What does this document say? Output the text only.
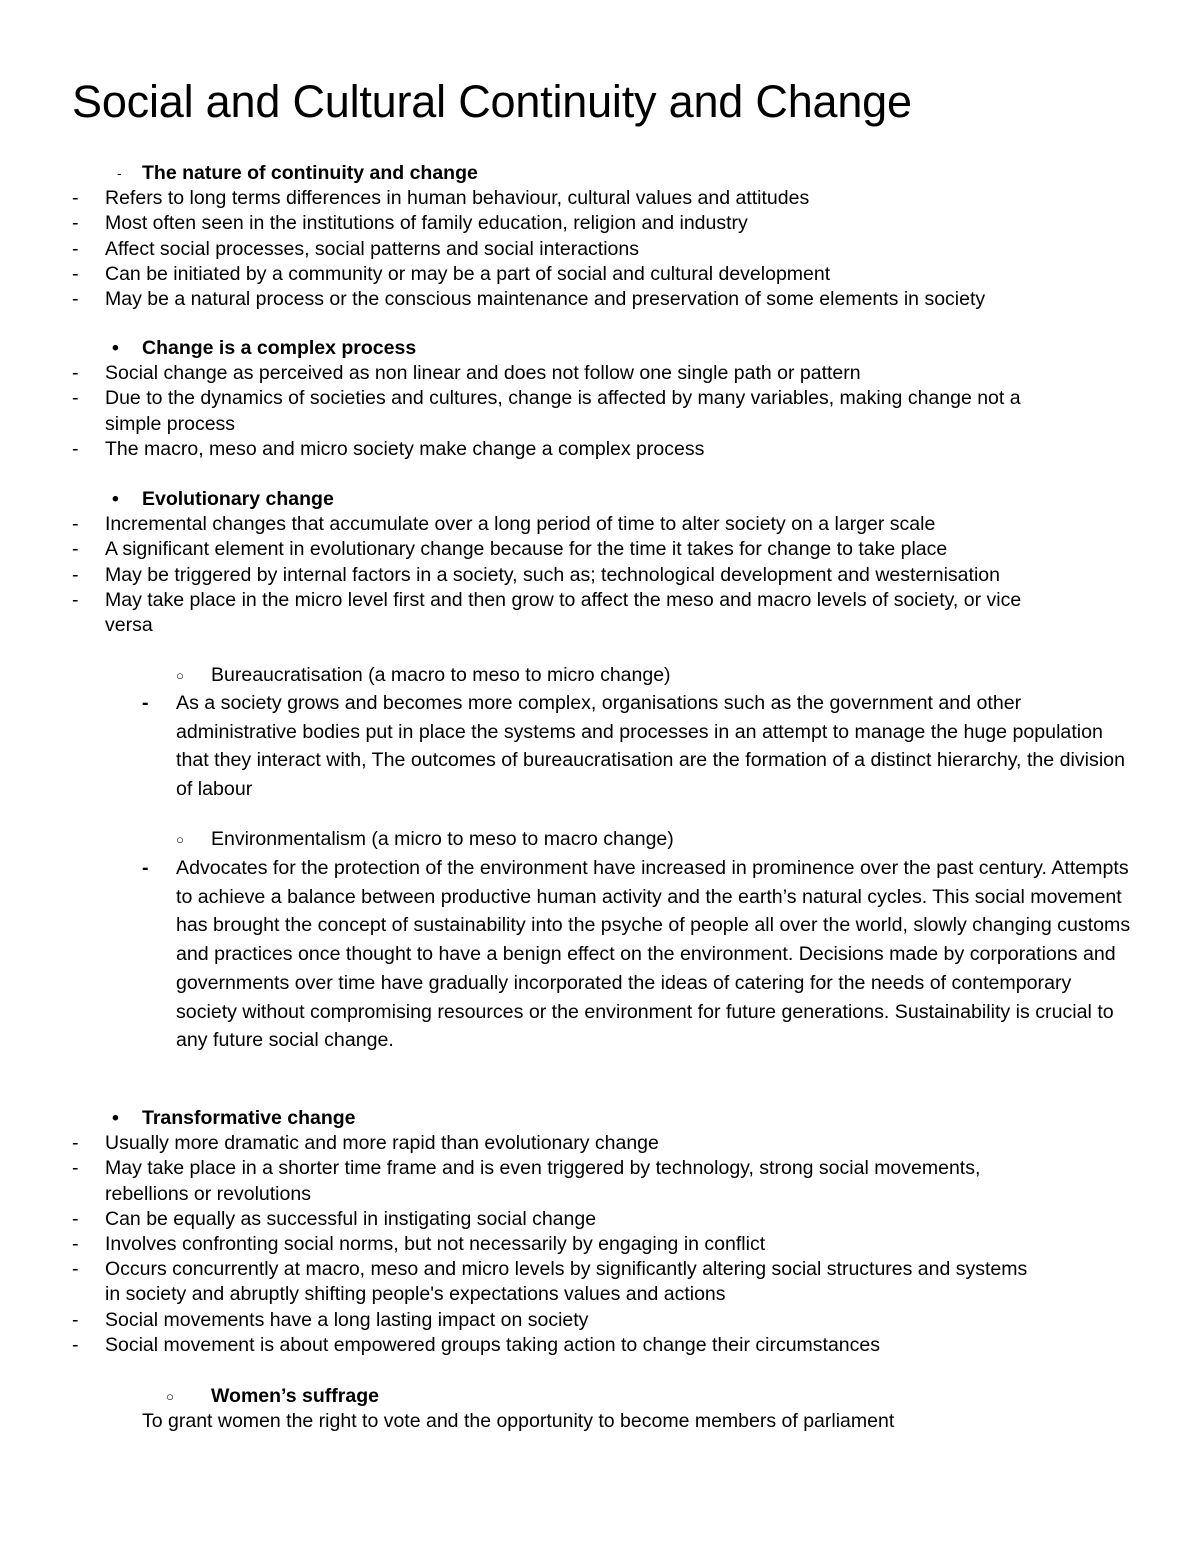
Social and Cultural Continuity and Change
- The nature of continuity and change
- Refers to long terms differences in human behaviour, cultural values and attitudes
- Most often seen in the institutions of family education, religion and industry
- Affect social processes, social patterns and social interactions
- Can be initiated by a community or may be a part of social and cultural development
- May be a natural process or the conscious maintenance and preservation of some elements in society
• Change is a complex process
- Social change as perceived as non linear and does not follow one single path or pattern
- Due to the dynamics of societies and cultures, change is affected by many variables, making change not a
simple process
- The macro, meso and micro society make change a complex process
• Evolutionary change
- Incremental changes that accumulate over a long period of time to alter society on a larger scale
- A significant element in evolutionary change because for the time it takes for change to take place
- May be triggered by internal factors in a society, such as; technological development and westernisation
- May take place in the micro level first and then grow to affect the meso and macro levels of society, or vice
versa
○ Bureaucratisation (a macro to meso to micro change)
- As a society grows and becomes more complex, organisations such as the government and other administrative bodies put in place the systems and processes in an attempt to manage the huge population that they interact with, The outcomes of bureaucratisation are the formation of a distinct hierarchy, the division of labour
○ Environmentalism (a micro to meso to macro change)
- Advocates for the protection of the environment have increased in prominence over the past century. Attempts to achieve a balance between productive human activity and the earth’s natural cycles. This social movement has brought the concept of sustainability into the psyche of people all over the world, slowly changing customs and practices once thought to have a benign effect on the environment. Decisions made by corporations and governments over time have gradually incorporated the ideas of catering for the needs of contemporary society without compromising resources or the environment for future generations. Sustainability is crucial to any future social change.
• Transformative change
- Usually more dramatic and more rapid than evolutionary change
- May take place in a shorter time frame and is even triggered by technology, strong social movements,
rebellions or revolutions
- Can be equally as successful in instigating social change
- Involves confronting social norms, but not necessarily by engaging in conflict
- Occurs concurrently at macro, meso and micro levels by significantly altering social structures and systems
in society and abruptly shifting people's expectations values and actions
- Social movements have a long lasting impact on society
- Social movement is about empowered groups taking action to change their circumstances
○ Women’s suffrage
To grant women the right to vote and the opportunity to become members of parliament
